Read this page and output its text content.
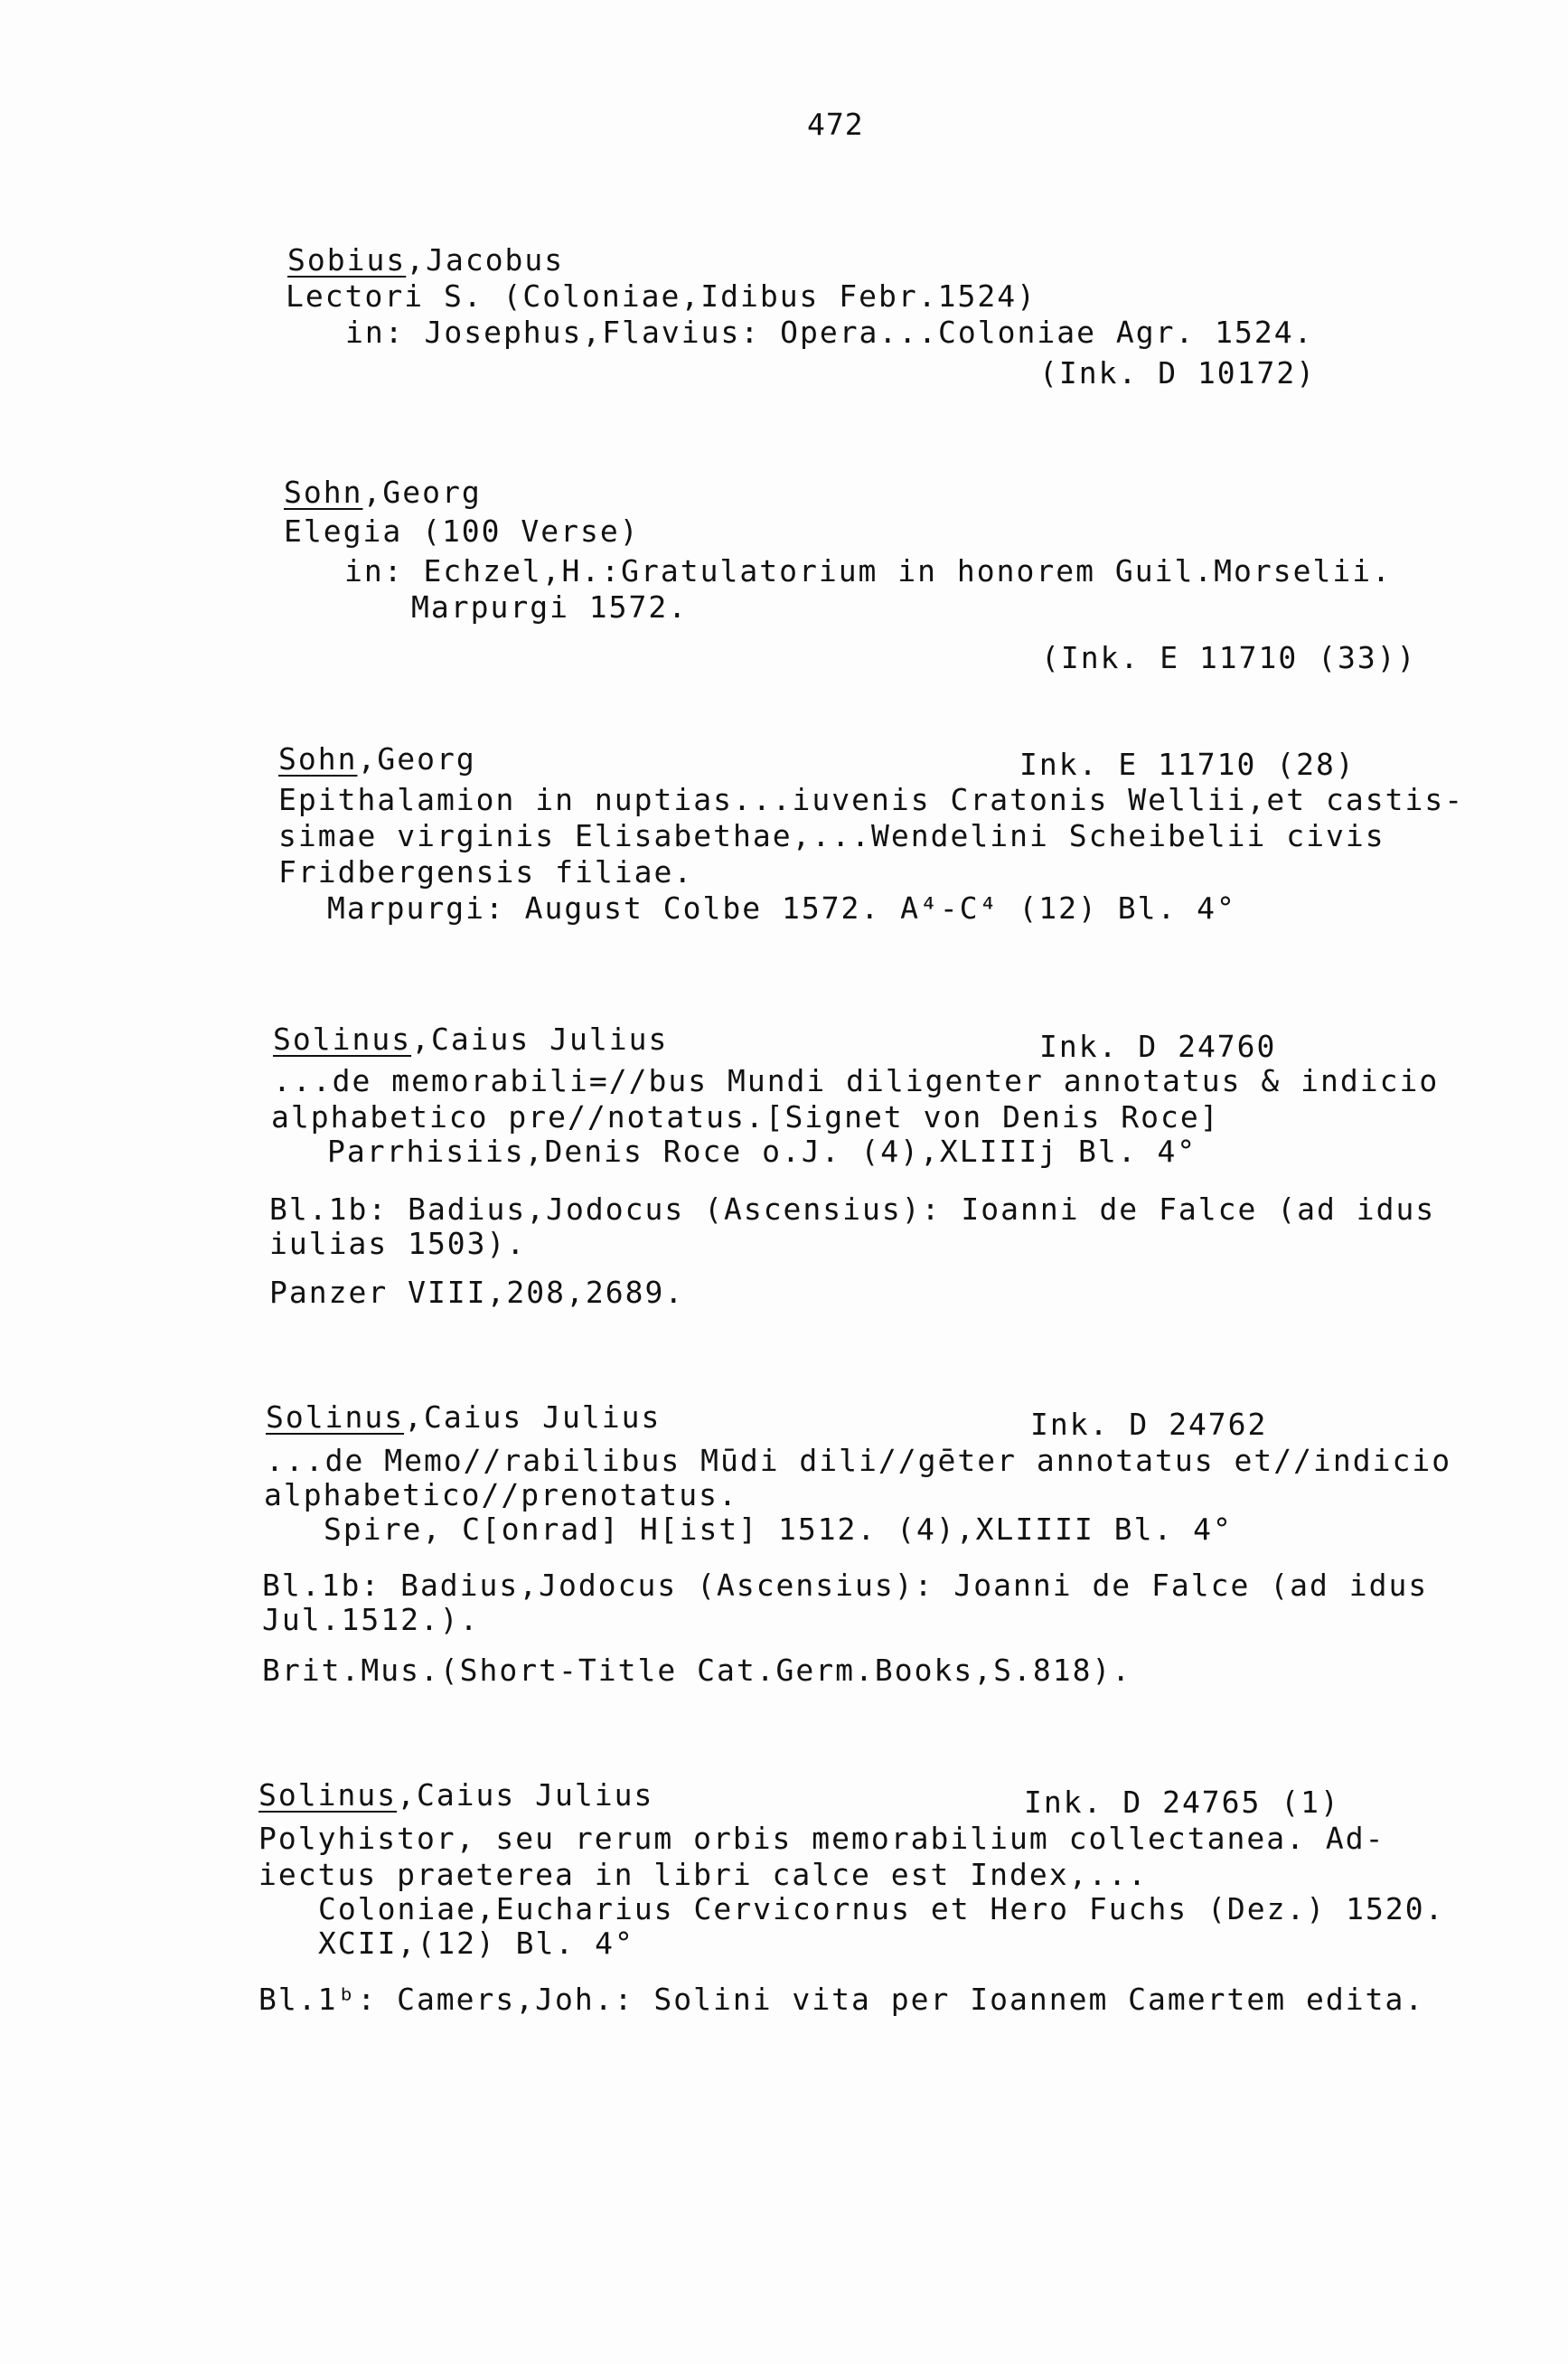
472
Sobius,Jacobus
Lectori S. (Coloniae,Idibus Febr.1524)
in: Josephus,Flavius: Opera...Coloniae Agr. 1524.
(Ink. D 10172)
Sohn,Georg
Elegia (100 Verse)
in: Echzel,H.:Gratulatorium in honorem Guil.Morselii.
Marpurgi 1572.
(Ink. E 11710 (33))
Sohn,Georg	Ink. E 11710 (28)
Epithalamion in nuptias...iuvenis Cratonis Wellii,et castis-
simae virginis Elisabethae,...Wendelini Scheibelii civis
Fridbergensis filiae.
Marpurgi: August Colbe 1572. A⁴-C⁴ (12) Bl. 4°
Solinus,Caius Julius	Ink. D 24760
...de memorabili=//bus Mundi diligenter annotatus & indicio
alphabetico pre//notatus.[Signet von Denis Roce]
Parrhisiis,Denis Roce o.J. (4),XLIIIj Bl. 4°
Bl.1b: Badius,Jodocus (Ascensius): Ioanni de Falce (ad idus
iulias 1503).
Panzer VIII,208,2689.
Solinus,Caius Julius	Ink. D 24762
...de Memo//rabilibus Mūdi dili//gēter annotatus et//indicio
alphabetico//prenotatus.
Spire, C[onrad] H[ist] 1512. (4),XLIIII Bl. 4°
Bl.1b: Badius,Jodocus (Ascensius): Joanni de Falce (ad idus
Jul.1512.).
Brit.Mus.(Short-Title Cat.Germ.Books,S.818).
Solinus,Caius Julius	Ink. D 24765 (1)
Polyhistor, seu rerum orbis memorabilium collectanea. Ad-
iectus praeterea in libri calce est Index,...
Coloniae,Eucharius Cervicornus et Hero Fuchs (Dez.) 1520.
XCII,(12) Bl. 4°
Bl.1ᵇ: Camers,Joh.: Solini vita per Ioannem Camertem edita.
